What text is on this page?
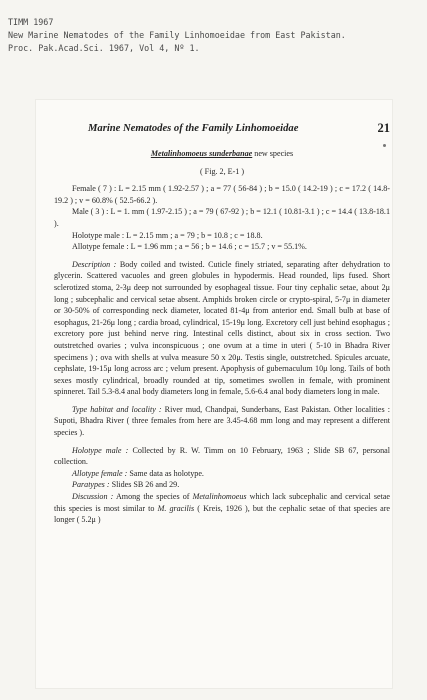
TIMM 1967
New Marine Nematodes of the Family Linhomoeidae from East Pakistan.
Proc. Pak.Acad.Sci. 1967, Vol 4, Nº 1.
Marine Nematodes of the Family Linhomoeidae	21

Metalinhomoeus sunderbanae new species

( Fig. 2, E-1 )

Female ( 7 ) : L = 2.15 mm ( 1.92-2.57 ) ; a = 77 ( 56-84 ) ; b = 15.0 ( 14.2-19 ) ; c = 17.2 ( 14.8-19.2 ) ; v = 60.8% ( 52.5-66.2 ).

Male ( 3 ) : L = 1. mm ( 1.97-2.15 ) ; a = 79 ( 67-92 ) ; b = 12.1 ( 10.81-3.1 ) ; c = 14.4 ( 13.8-18.1 ).

Holotype male : L = 2.15 mm ; a = 79 ; b = 10.8 ; c = 18.8.

Allotype female : L = 1.96 mm ; a = 56 ; b = 14.6 ; c = 15.7 ; v = 55.1%.

Description : Body coiled and twisted. Cuticle finely striated, separating after dehydration to glycerin. Scattered vacuoles and green globules in hypodermis. Head rounded, lips fused. Short sclerotized stoma, 2-3μ deep not surrounded by esophageal tissue. Four tiny cephalic setae, about 2μ long ; subcephalic and cervical setae absent. Amphids broken circle or crypto-spiral, 5-7μ in diameter or 30-50% of corresponding neck diameter, located 81-4μ from anterior end. Small bulb at base of esophagus, 21-26μ long ; cardia broad, cylindrical, 15-19μ long. Excretory cell just behind esophagus ; excretory pore just behind nerve ring. Intestinal cells distinct, about six in cross section. Two outstretched ovaries ; vulva inconspicuous ; one ovum at a time in uteri ( 5-10 in Bhadra River specimens ) ; ova with shells at vulva measure 50 x 20μ. Testis single, outstretched. Spicules arcuate, cephslate, 19-15μ long across arc ; velum present. Apophysis of gubernaculum 10μ long. Tails of both sexes mostly cylindrical, broadly rounded at tip, sometimes swollen in female, with prominent spinneret. Tail 5.3-8.4 anal body diameters long in female, 5.6-6.4 anal body diameters long in male.

Type habitat and locality : River mud, Chandpai, Sunderbans, East Pakistan. Other localities : Supoti, Bhadra River ( three females from here are 3.45-4.68 mm long and may represent a different species ).

Holotype male : Collected by R. W. Timm on 10 February, 1963 ; Slide SB 67, personal collection.

Allotype female : Same data as holotype.

Paratypes : Slides SB 26 and 29.

Discussion : Among the species of Metalinhomoeus which lack subcephalic and cervical setae this species is most similar to M. gracilis ( Kreis, 1926 ), but the cephalic setae of that species are longer ( 5.2μ )
